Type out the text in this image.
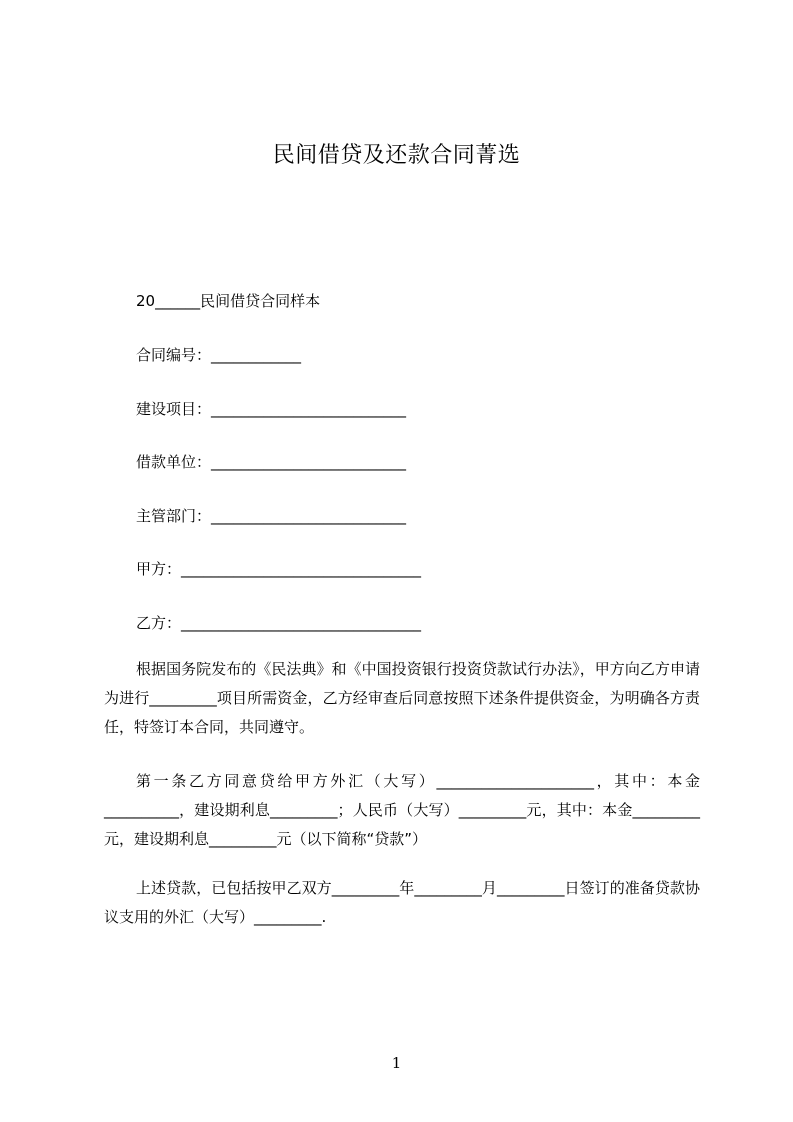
民间借贷及还款合同菁选
20______民间借贷合同样本
合同编号：____________
建设项目：__________________________
借款单位：__________________________
主管部门：__________________________
甲方：________________________________
乙方：________________________________
根据国务院发布的《民法典》和《中国投资银行投资贷款试行办法》，甲方向乙方申请为进行_________项目所需资金，乙方经审查后同意按照下述条件提供资金，为明确各方责任，特签订本合同，共同遵守。
第一条乙方同意贷给甲方外汇（大写）_____________________，其中：本金__________，建设期利息_________；人民币（大写）_________元，其中：本金_________元，建设期利息_________元（以下简称“贷款”）
上述贷款，已包括按甲乙双方_________年_________月_________日签订的准备贷款协议支用的外汇（大写）_________.
1
